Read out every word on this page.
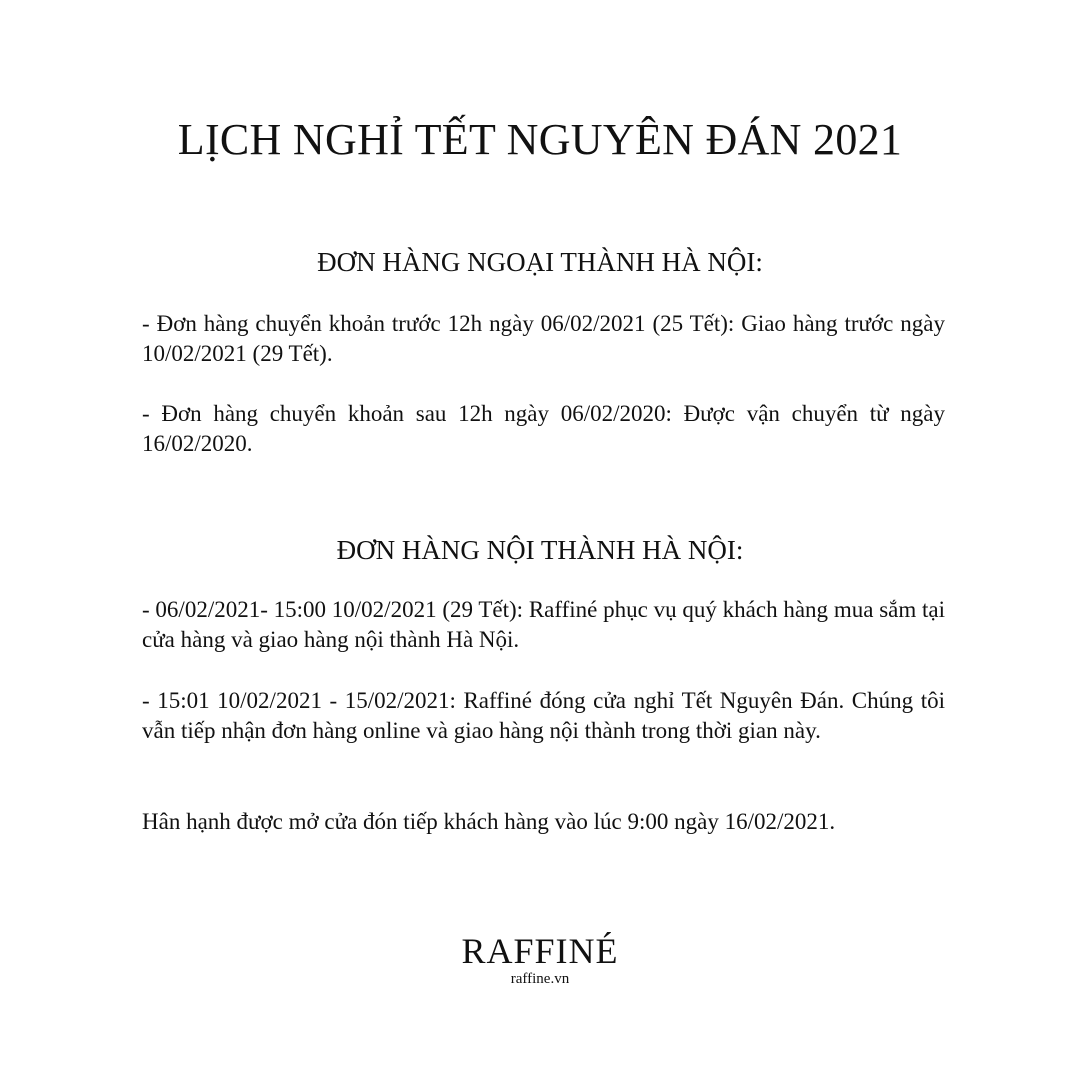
LỊCH NGHỈ TẾT NGUYÊN ĐÁN 2021
ĐƠN HÀNG NGOẠI THÀNH HÀ NỘI:

- Đơn hàng chuyển khoản trước 12h ngày 06/02/2021 (25 Tết): Giao hàng trước ngày 10/02/2021 (29 Tết).

- Đơn hàng chuyển khoản sau 12h ngày 06/02/2020: Được vận chuyển từ ngày 16/02/2020.

ĐƠN HÀNG NỘI THÀNH HÀ NỘI:

- 06/02/2021- 15:00 10/02/2021 (29 Tết): Raffiné phục vụ quý khách hàng mua sắm tại cửa hàng và giao hàng nội thành Hà Nội.

- 15:01 10/02/2021 - 15/02/2021: Raffiné đóng cửa nghỉ Tết Nguyên Đán. Chúng tôi vẫn tiếp nhận đơn hàng online và giao hàng nội thành trong thời gian này.

Hân hạnh được mở cửa đón tiếp khách hàng vào lúc 9:00 ngày 16/02/2021.

RAFFINÉ
raffine.vn
